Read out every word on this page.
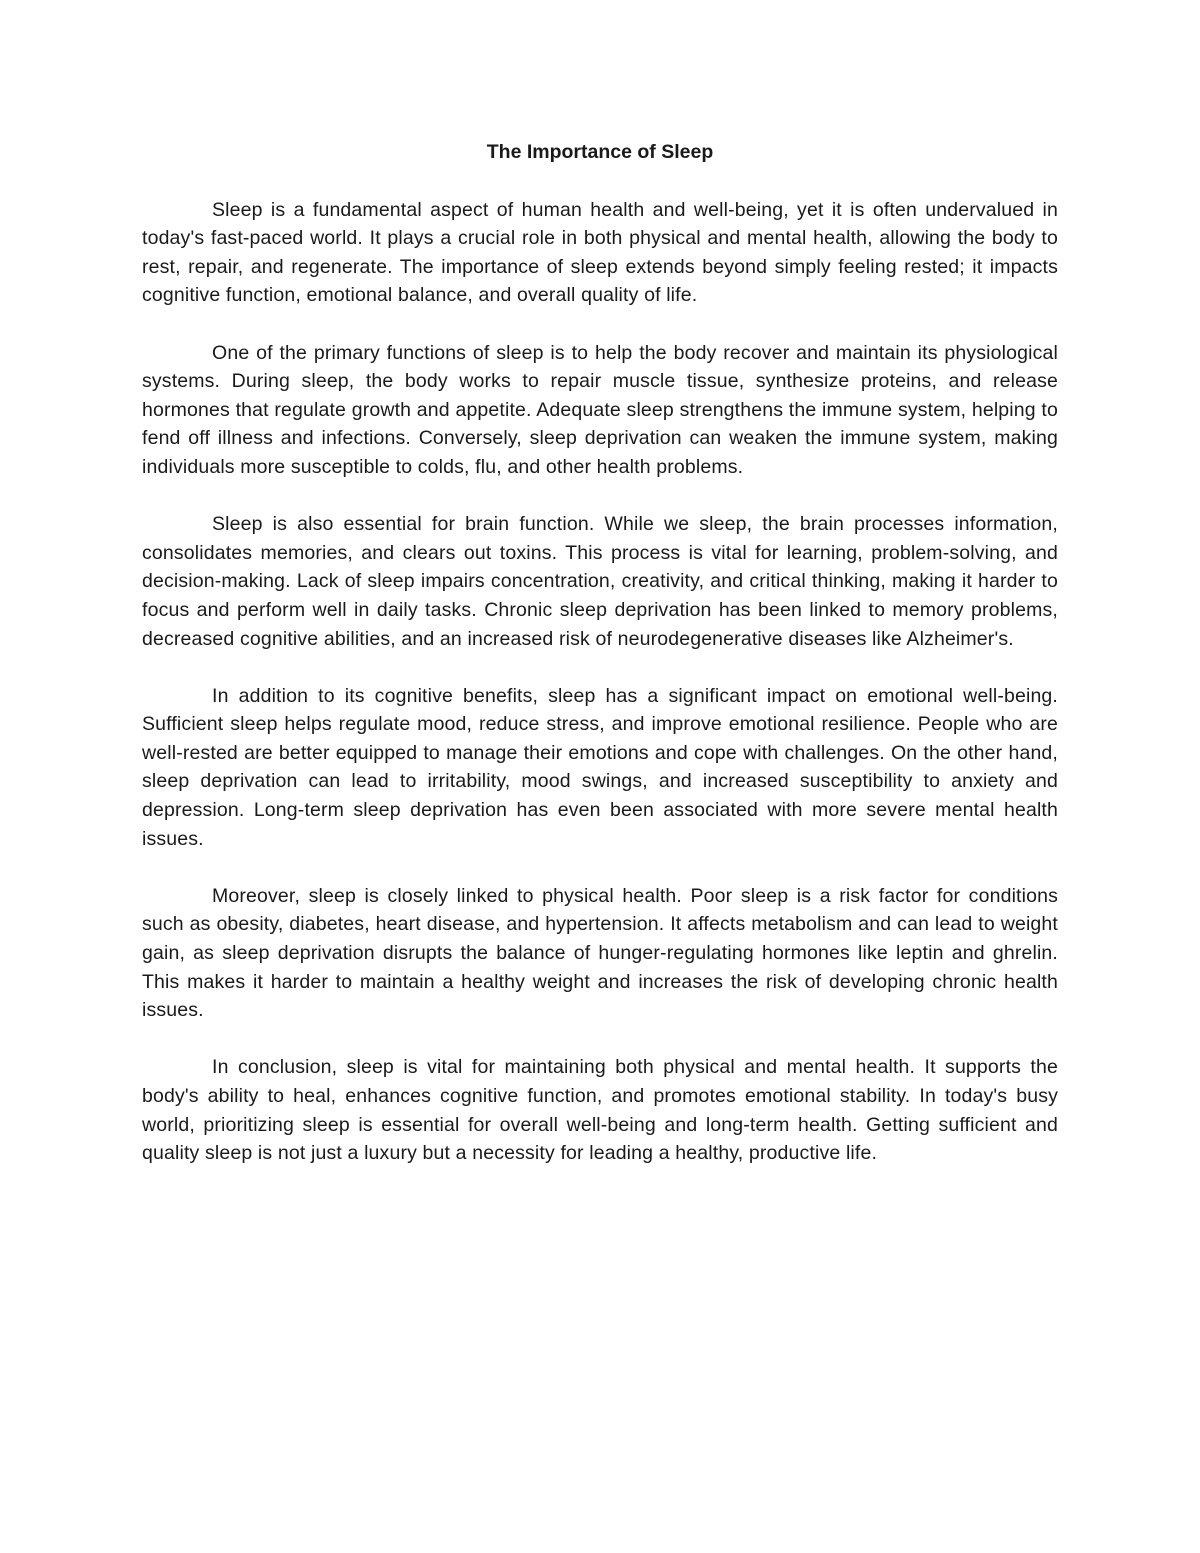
The Importance of Sleep

Sleep is a fundamental aspect of human health and well-being, yet it is often undervalued in today's fast-paced world. It plays a crucial role in both physical and mental health, allowing the body to rest, repair, and regenerate. The importance of sleep extends beyond simply feeling rested; it impacts cognitive function, emotional balance, and overall quality of life.

One of the primary functions of sleep is to help the body recover and maintain its physiological systems. During sleep, the body works to repair muscle tissue, synthesize proteins, and release hormones that regulate growth and appetite. Adequate sleep strengthens the immune system, helping to fend off illness and infections. Conversely, sleep deprivation can weaken the immune system, making individuals more susceptible to colds, flu, and other health problems.

Sleep is also essential for brain function. While we sleep, the brain processes information, consolidates memories, and clears out toxins. This process is vital for learning, problem-solving, and decision-making. Lack of sleep impairs concentration, creativity, and critical thinking, making it harder to focus and perform well in daily tasks. Chronic sleep deprivation has been linked to memory problems, decreased cognitive abilities, and an increased risk of neurodegenerative diseases like Alzheimer's.

In addition to its cognitive benefits, sleep has a significant impact on emotional well-being. Sufficient sleep helps regulate mood, reduce stress, and improve emotional resilience. People who are well-rested are better equipped to manage their emotions and cope with challenges. On the other hand, sleep deprivation can lead to irritability, mood swings, and increased susceptibility to anxiety and depression. Long-term sleep deprivation has even been associated with more severe mental health issues.

Moreover, sleep is closely linked to physical health. Poor sleep is a risk factor for conditions such as obesity, diabetes, heart disease, and hypertension. It affects metabolism and can lead to weight gain, as sleep deprivation disrupts the balance of hunger-regulating hormones like leptin and ghrelin. This makes it harder to maintain a healthy weight and increases the risk of developing chronic health issues.

In conclusion, sleep is vital for maintaining both physical and mental health. It supports the body's ability to heal, enhances cognitive function, and promotes emotional stability. In today's busy world, prioritizing sleep is essential for overall well-being and long-term health. Getting sufficient and quality sleep is not just a luxury but a necessity for leading a healthy, productive life.
